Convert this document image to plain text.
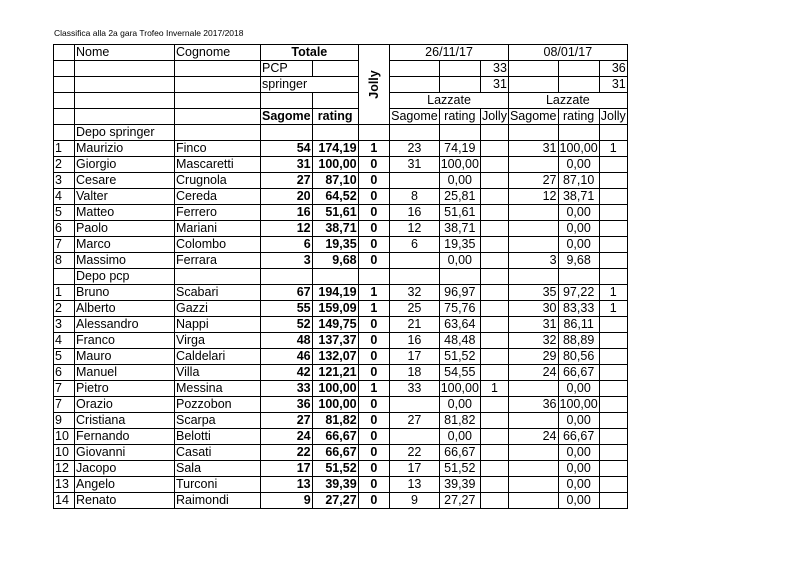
Classifica alla 2a gara Trofeo Invernale 2017/2018
	Nome	Cognome	Totale		Jolly	26/11/17			08/01/17		
			PCP					33			36
			springer					31			31
						Lazzate			Lazzate		
			Sagome	rating		Sagome	rating	Jolly	Sagome	rating	Jolly
	Depo springer										
1	Maurizio	Finco	54	174,19	1	23	74,19		31	100,00	1
2	Giorgio	Mascaretti	31	100,00	0	31	100,00			0,00	
3	Cesare	Crugnola	27	87,10	0		0,00		27	87,10	
4	Valter	Cereda	20	64,52	0	8	25,81		12	38,71	
5	Matteo	Ferrero	16	51,61	0	16	51,61			0,00	
6	Paolo	Mariani	12	38,71	0	12	38,71			0,00	
7	Marco	Colombo	6	19,35	0	6	19,35			0,00	
8	Massimo	Ferrara	3	9,68	0		0,00		3	9,68	
	Depo pcp										
1	Bruno	Scabari	67	194,19	1	32	96,97		35	97,22	1
2	Alberto	Gazzi	55	159,09	1	25	75,76		30	83,33	1
3	Alessandro	Nappi	52	149,75	0	21	63,64		31	86,11	
4	Franco	Virga	48	137,37	0	16	48,48		32	88,89	
5	Mauro	Caldelari	46	132,07	0	17	51,52		29	80,56	
6	Manuel	Villa	42	121,21	0	18	54,55		24	66,67	
7	Pietro	Messina	33	100,00	1	33	100,00	1		0,00	
7	Orazio	Pozzobon	36	100,00	0		0,00		36	100,00	
9	Cristiana	Scarpa	27	81,82	0	27	81,82			0,00	
10	Fernando	Belotti	24	66,67	0		0,00		24	66,67	
10	Giovanni	Casati	22	66,67	0	22	66,67			0,00	
12	Jacopo	Sala	17	51,52	0	17	51,52			0,00	
13	Angelo	Turconi	13	39,39	0	13	39,39			0,00	
14	Renato	Raimondi	9	27,27	0	9	27,27			0,00	
